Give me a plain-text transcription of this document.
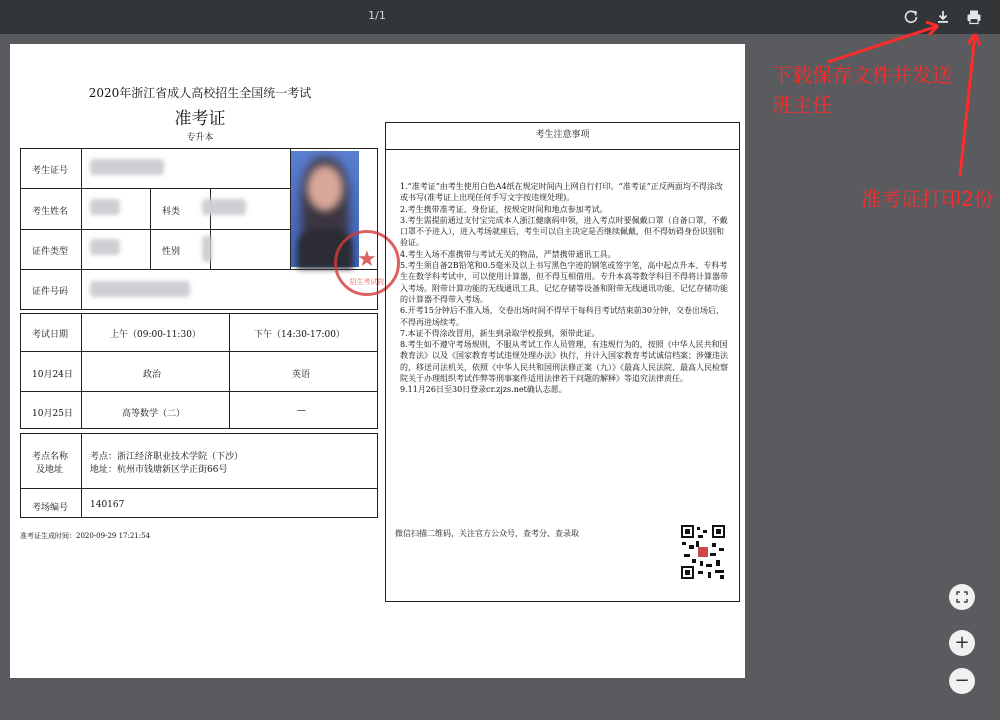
1/1
2020年浙江省成人高校招生全国统一考试
准考证
专升本
考生证号
考生姓名	科类
证件类型	性别
证件号码
★
招生考试院
考试日期	上午（09:00-11:30）	下午（14:30-17:00）
10月24日	政治	英语
10月25日	高等数学（二）	—
考点名称
及地址
考点：浙江经济职业技术学院（下沙）
地址：杭州市钱塘新区学正街66号
考场编号 140167
准考证生成时间：2020-09-29 17:21:54
考生注意事项

1.“准考证”由考生使用白色A4纸在规定时间内上网自行打印。“准考证”正反两面均不得涂改或书写(准考证上出现任何手写文字按违规处理)。

2.考生携带准考证、身份证，按规定时间和地点参加考试。

3.考生需提前通过支付宝完成本人浙江健康码申领，进入考点时要佩戴口罩（自备口罩，不戴口罩不予进入），进入考场就座后，考生可以自主决定是否继续佩戴，但不得妨碍身份识别和验证。

4.考生入场不准携带与考试无关的物品，严禁携带通讯工具。

5.考生须自备2B铅笔和0.5毫米及以上书写黑色字迹的钢笔或签字笔，高中起点升本、专科考生在数学科考试中，可以使用计算器，但不得互相借用。专升本高等数学科目不得将计算器带入考场。附带计算功能的无线通讯工具、记忆存储等设备和附带无线通讯功能、记忆存储功能的计算器不得带入考场。

6.开考15分钟后不准入场，交卷出场时间不得早于每科目考试结束前30分钟，交卷出场后，不得再进场续考。

7.本证不得涂改冒用，新生到录取学校报到，须带此证。

8.考生如不遵守考场规则，不服从考试工作人员管理，有违规行为的，按照《中华人民共和国教育法》以及《国家教育考试违规处理办法》执行，并计入国家教育考试诚信档案；涉嫌违法的，移送司法机关，依照《中华人民共和国刑法修正案（九）》《最高人民法院、最高人民检察院关于办理组织考试作弊等刑事案件适用法律若干问题的解释》等追究法律责任。

9.11月26日至30日登录cr.zjzs.net确认志愿。

微信扫描二维码，关注官方公众号，查考分、查录取
下载保存文件并发送
班主任
准考证打印2份
+
−
